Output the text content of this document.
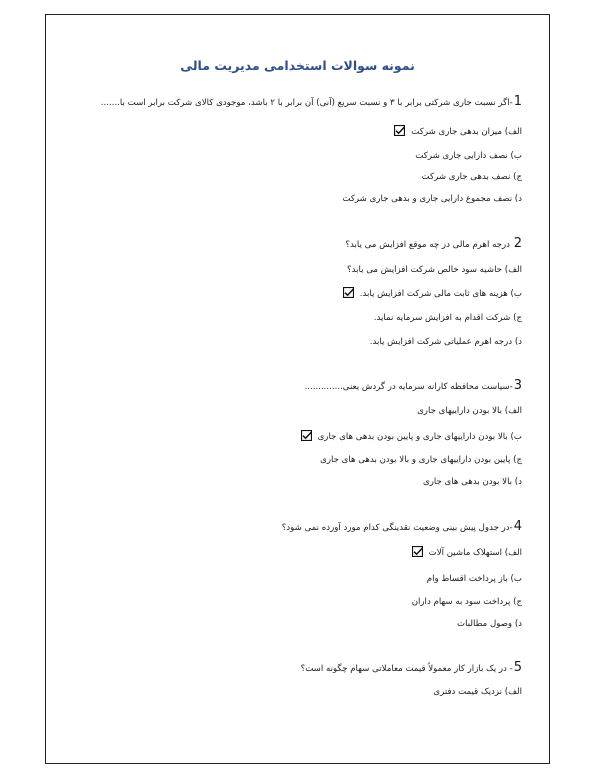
نمونه سوالات استخدامی مدیریت مالی
1-اگر نسبت جاری شرکتی برابر با ۳ و نسبت سریع (آنی) آن برابر با ۲ باشد، موجودی کالای شرکت برابر است با.......
الف) میزان بدهی جاری شرکت
ب) نصف دارایی جاری شرکت
ج) نصف بدهی جاری شرکت
د) نصف مجموع دارایی جاری و بدهی جاری شرکت
2 درجه اهرم مالی در چه موقع افزایش می یابد؟
الف) حاشیه سود خالص شرکت افزایش می یابد؟
ب) هزینه های ثابت مالی شرکت افزایش یابد.
ج) شرکت اقدام به افزایش سرمایه نماید.
د) درجه اهرم عملیاتی شرکت افزایش یابد.
3-سیاست محافظه کارانه سرمایه در گردش یعنی..............
الف) بالا بودن داراییهای جاری
ب) بالا بودن داراییهای جاری و پایین بودن بدهی های جاری
ج) پایین بودن داراییهای جاری و بالا بودن بدهی های جاری
د) بالا بودن بدهی های جاری
4-در جدول پیش بینی وضعیت نقدینگی کدام مورد آورده نمی شود؟
الف) استهلاک ماشین آلات
ب) باز پرداخت اقساط وام
ج) پرداخت سود به سهام داران
د) وصول مطالبات
5- در یک بازار کار معمولاً قیمت معاملاتی سهام چگونه است؟
الف) نزدیک قیمت دفتری
